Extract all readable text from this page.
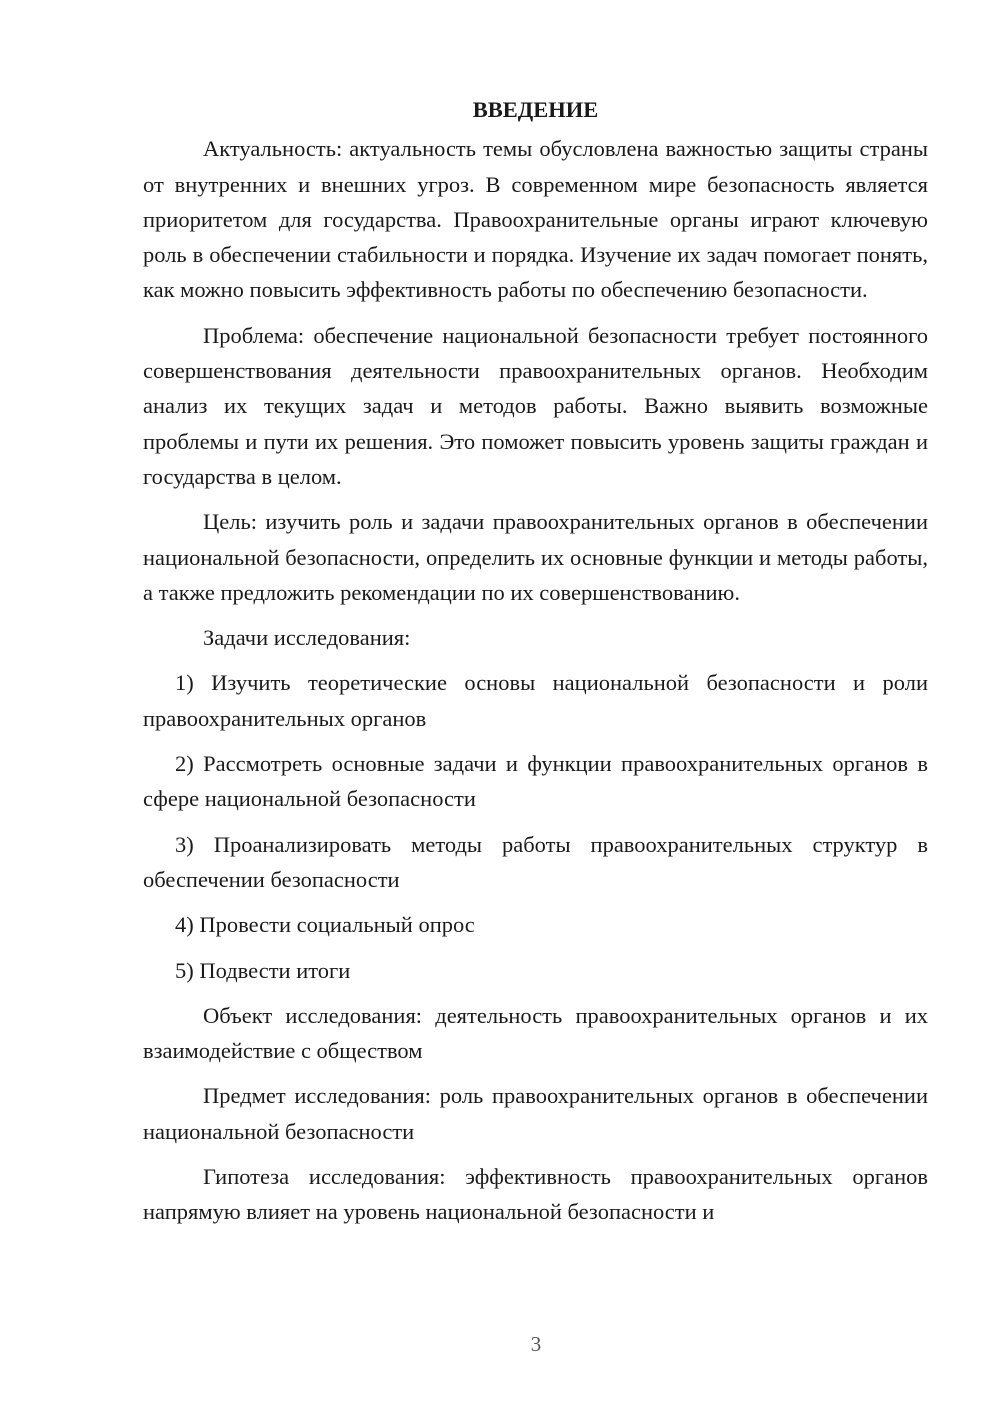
ВВЕДЕНИЕ

Актуальность: актуальность темы обусловлена важностью защиты страны от внутренних и внешних угроз. В современном мире безопасность является приоритетом для государства. Правоохранительные органы играют ключевую роль в обеспечении стабильности и порядка. Изучение их задач помогает понять, как можно повысить эффективность работы по обеспечению безопасности.

Проблема: обеспечение национальной безопасности требует постоянного совершенствования деятельности правоохранительных органов. Необходим анализ их текущих задач и методов работы. Важно выявить возможные проблемы и пути их решения. Это поможет повысить уровень защиты граждан и государства в целом.

Цель: изучить роль и задачи правоохранительных органов в обеспечении национальной безопасности, определить их основные функции и методы работы, а также предложить рекомендации по их совершенствованию.

Задачи исследования:

1) Изучить теоретические основы национальной безопасности и роли правоохранительных органов

2) Рассмотреть основные задачи и функции правоохранительных органов в сфере национальной безопасности

3) Проанализировать методы работы правоохранительных структур в обеспечении безопасности

4) Провести социальный опрос

5) Подвести итоги

Объект исследования: деятельность правоохранительных органов и их взаимодействие с обществом

Предмет исследования: роль правоохранительных органов в обеспечении национальной безопасности

Гипотеза исследования: эффективность правоохранительных органов напрямую влияет на уровень национальной безопасности и

3
